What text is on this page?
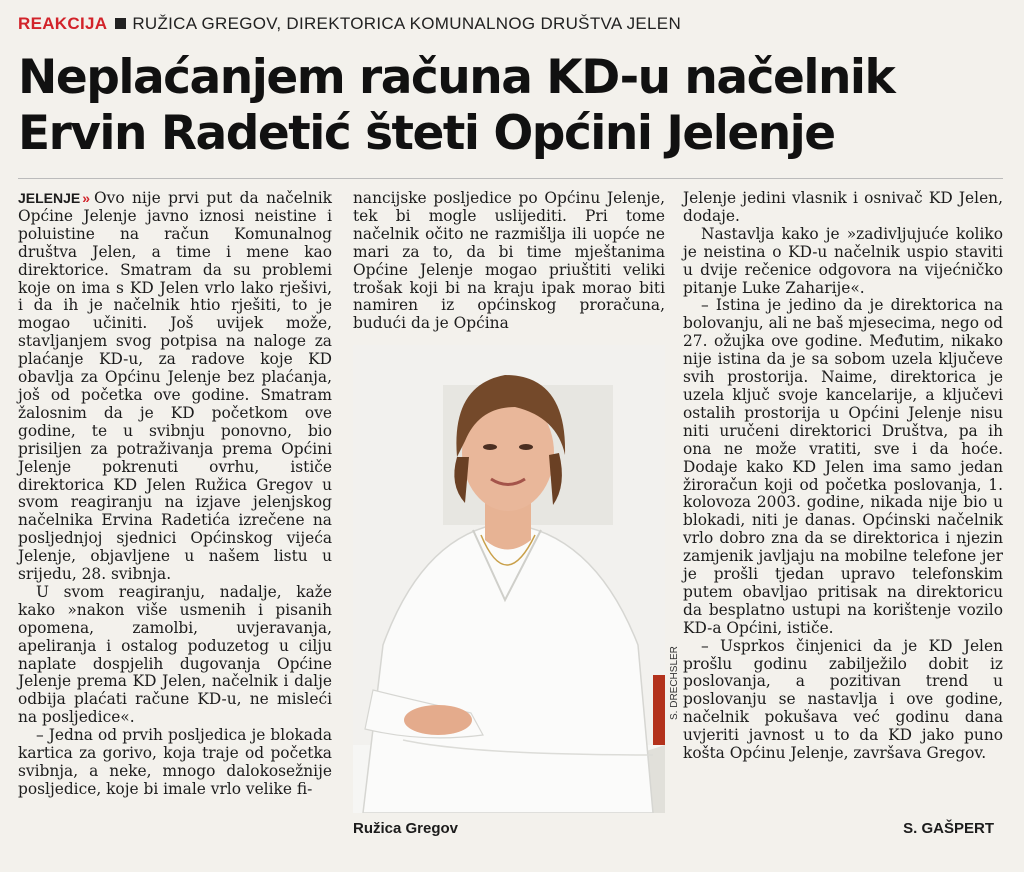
REAKCIJA RUŽICA GREGOV, DIREKTORICA KOMUNALNOG DRUŠTVA JELEN
Neplaćanjem računa KD-u načelnik Ervin Radetić šteti Općini Jelenje

JELENJE » Ovo nije prvi put da načelnik Općine Jelenje javno iznosi neistine i poluistine na račun Komunalnog društva Jelen, a time i mene kao direktorice. Smatram da su problemi koje on ima s KD Jelen vrlo lako rješivi, i da ih je načelnik htio rješiti, to je mogao učiniti. Još uvijek može, stavljanjem svog potpisa na naloge za plaćanje KD-u, za radove koje KD obavlja za Općinu Jelenje bez plaćanja, još od početka ove godine. Smatram žalosnim da je KD početkom ove godine, te u svibnju ponovno, bio prisiljen za potraživanja prema Općini Jelenje pokrenuti ovrhu, ističe direktorica KD Jelen Ružica Gregov u svom reagiranju na izjave jelenjskog načelnika Ervina Radetića izrečene na posljednjoj sjednici Općinskog vijeća Jelenje, objavljene u našem listu u srijedu, 28. svibnja.

U svom reagiranju, nadalje, kaže kako »nakon više usmenih i pisanih opomena, zamolbi, uvjeravanja, apeliranja i ostalog poduzetog u cilju naplate dospjelih dugovanja Općine Jelenje prema KD Jelen, načelnik i dalje odbija plaćati račune KD-u, ne misleći na posljedice«.

– Jedna od prvih posljedica je blokada kartica za gorivo, koja traje od početka svibnja, a neke, mnogo dalokosežnije posljedice, koje bi imale vrlo velike fi-

nancijske posljedice po Općinu Jelenje, tek bi mogle uslijediti. Pri tome načelnik očito ne razmišlja ili uopće ne mari za to, da bi time mještanima Općine Jelenje mogao priuštiti veliki trošak koji bi na kraju ipak morao biti namiren iz općinskog proračuna, budući da je Općina

S. DRECHSLER
Ružica Gregov

Jelenje jedini vlasnik i osnivač KD Jelen, dodaje.

Nastavlja kako je »zadivljujuće koliko je neistina o KD-u načelnik uspio staviti u dvije rečenice odgovora na vijećničko pitanje Luke Zaharije«.

– Istina je jedino da je direktorica na bolovanju, ali ne baš mjesecima, nego od 27. ožujka ove godine. Međutim, nikako nije istina da je sa sobom uzela ključeve svih prostorija. Naime, direktorica je uzela ključ svoje kancelarije, a ključevi ostalih prostorija u Općini Jelenje nisu niti uručeni direktorici Društva, pa ih ona ne može vratiti, sve i da hoće. Dodaje kako KD Jelen ima samo jedan žiroračun koji od početka poslovanja, 1. kolovoza 2003. godine, nikada nije bio u blokadi, niti je danas. Općinski načelnik vrlo dobro zna da se direktorica i njezin zamjenik javljaju na mobilne telefone jer je prošli tjedan upravo telefonskim putem obavljao pritisak na direktoricu da besplatno ustupi na korištenje vozilo KD-a Općini, ističe.

– Usprkos činjenici da je KD Jelen prošlu godinu zabilježilo dobit iz poslovanja, a pozitivan trend u poslovanju se nastavlja i ove godine, načelnik pokušava već godinu dana uvjeriti javnost u to da KD jako puno košta Općinu Jelenje, završava Gregov.

S. GAŠPERT
